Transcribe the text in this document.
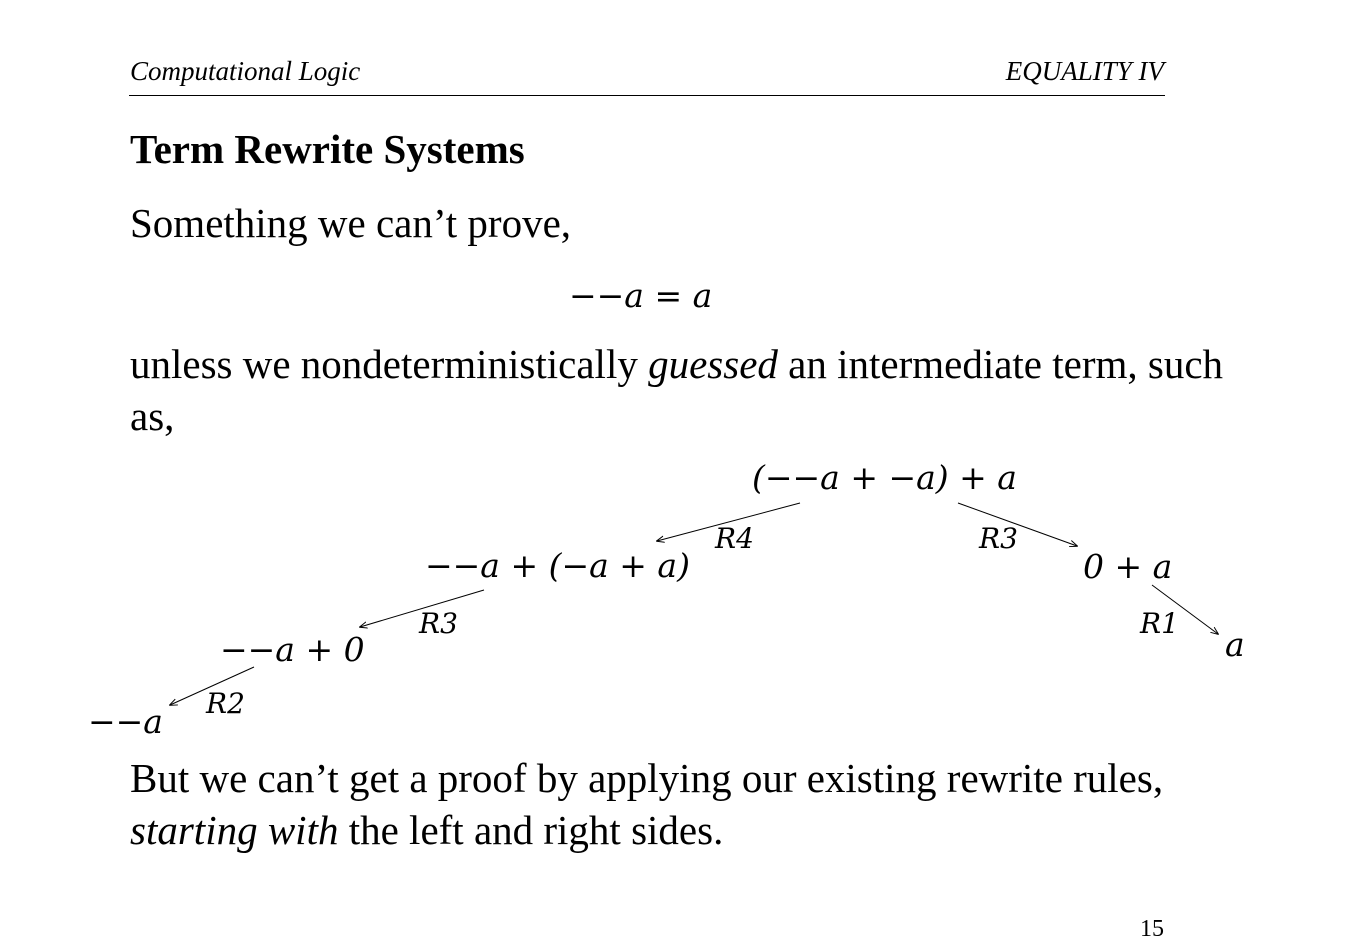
Computational Logic	EQUALITY IV
Term Rewrite Systems
Something we can’t prove,
−−a = a
unless we nondeterministically guessed an intermediate term, such as,
(−−a + −a) + a
−−a + (−a + a)	0 + a
−−a + 0	a
−−a
R4	R3
R3	R1
R2
But we can’t get a proof by applying our existing rewrite rules, starting with the left and right sides.
15
